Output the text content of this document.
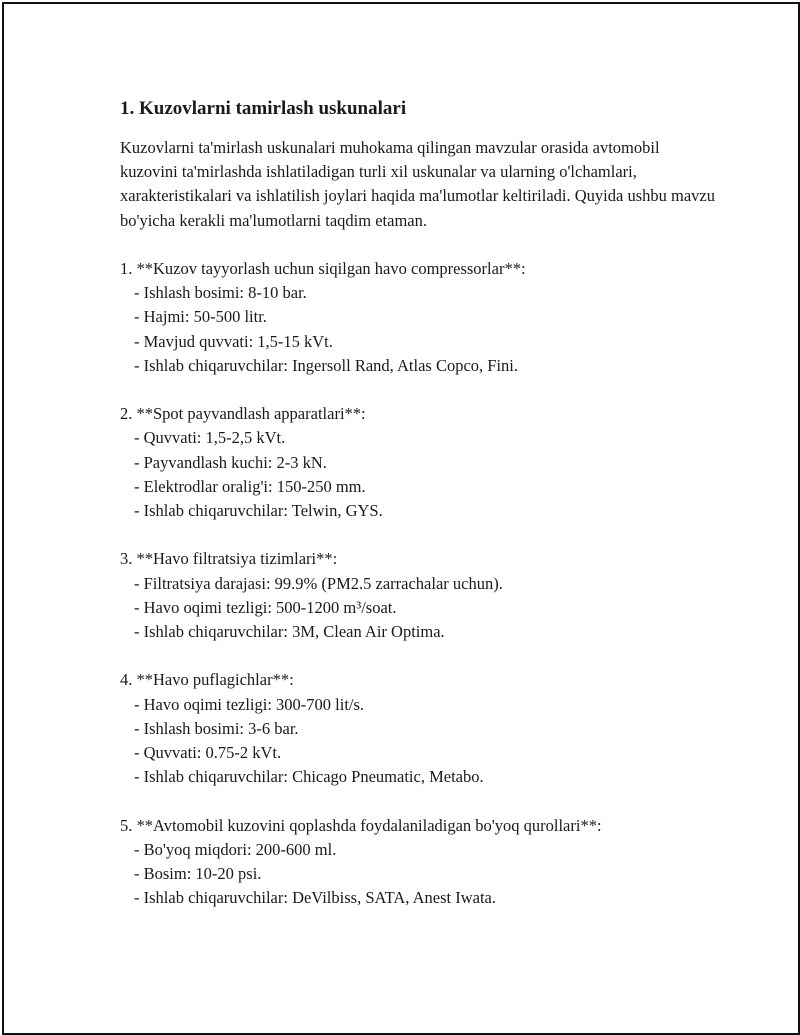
1. Kuzovlarni tamirlash uskunalari

Kuzovlarni ta'mirlash uskunalari muhokama qilingan mavzular orasida avtomobil kuzovini ta'mirlashda ishlatiladigan turli xil uskunalar va ularning o'lchamlari, xarakteristikalari va ishlatilish joylari haqida ma'lumotlar keltiriladi. Quyida ushbu mavzu bo'yicha kerakli ma'lumotlarni taqdim etaman.

1. **Kuzov tayyorlash uchun siqilgan havo compressorlar**:

- Ishlash bosimi: 8-10 bar.
- Hajmi: 50-500 litr.
- Mavjud quvvati: 1,5-15 kVt.
- Ishlab chiqaruvchilar: Ingersoll Rand, Atlas Copco, Fini.

2. **Spot payvandlash apparatlari**:

- Quvvati: 1,5-2,5 kVt.
- Payvandlash kuchi: 2-3 kN.
- Elektrodlar oralig'i: 150-250 mm.
- Ishlab chiqaruvchilar: Telwin, GYS.

3. **Havo filtratsiya tizimlari**:

- Filtratsiya darajasi: 99.9% (PM2.5 zarrachalar uchun).
- Havo oqimi tezligi: 500-1200 m³/soat.
- Ishlab chiqaruvchilar: 3M, Clean Air Optima.

4. **Havo puflagichlar**:

- Havo oqimi tezligi: 300-700 lit/s.
- Ishlash bosimi: 3-6 bar.
- Quvvati: 0.75-2 kVt.
- Ishlab chiqaruvchilar: Chicago Pneumatic, Metabo.

5. **Avtomobil kuzovini qoplashda foydalaniladigan bo'yoq qurollari**:

- Bo'yoq miqdori: 200-600 ml.
- Bosim: 10-20 psi.
- Ishlab chiqaruvchilar: DeVilbiss, SATA, Anest Iwata.
